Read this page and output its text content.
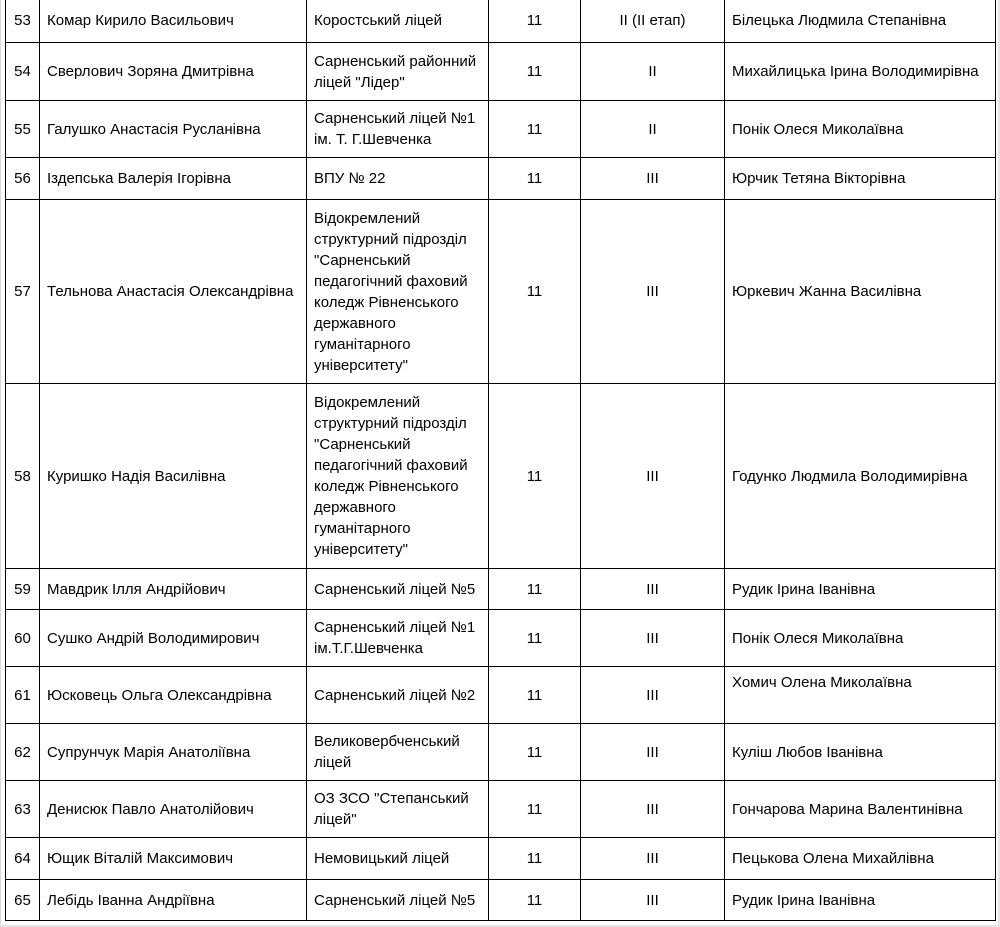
53	Комар Кирило Васильович	Коростський ліцей	11	ІІ (ІІ етап)	Білецька Людмила Степанівна
54	Сверлович Зоряна Дмитрівна	Сарненський районний ліцей "Лідер"	11	ІІ	Михайлицька Ірина Володимирівна
55	Галушко Анастасія Русланівна	Сарненський ліцей №1 ім. Т. Г.Шевченка	11	ІІ	Понік Олеся Миколаївна
56	Іздепська Валерія Ігорівна	ВПУ № 22	11	ІІІ	Юрчик Тетяна Вікторівна
57	Тельнова Анастасія Олександрівна	Відокремлений структурний підрозділ "Сарненський педагогічний фаховий коледж Рівненського державного гуманітарного університету"	11	ІІІ	Юркевич Жанна Василівна
58	Куришко Надія Василівна	Відокремлений структурний підрозділ "Сарненський педагогічний фаховий коледж Рівненського державного гуманітарного університету"	11	ІІІ	Годунко Людмила Володимирівна
59	Мавдрик Ілля Андрійович	Сарненський ліцей №5	11	ІІІ	Рудик Ірина Іванівна
60	Сушко Андрій Володимирович	Сарненський ліцей №1 ім.Т.Г.Шевченка	11	ІІІ	Понік Олеся Миколаївна
61	Юсковець Ольга Олександрівна	Сарненський ліцей №2	11	ІІІ	Хомич Олена Миколаївна
62	Супрунчук Марія Анатоліївна	Великовербченський ліцей	11	ІІІ	Куліш Любов Іванівна
63	Денисюк Павло Анатолійович	ОЗ ЗСО "Степанський ліцей"	11	ІІІ	Гончарова Марина Валентинівна
64	Ющик Віталій Максимович	Немовицький ліцей	11	ІІІ	Пецькова Олена Михайлівна
65	Лебідь Іванна Андріївна	Сарненський ліцей №5	11	ІІІ	Рудик Ірина Іванівна
